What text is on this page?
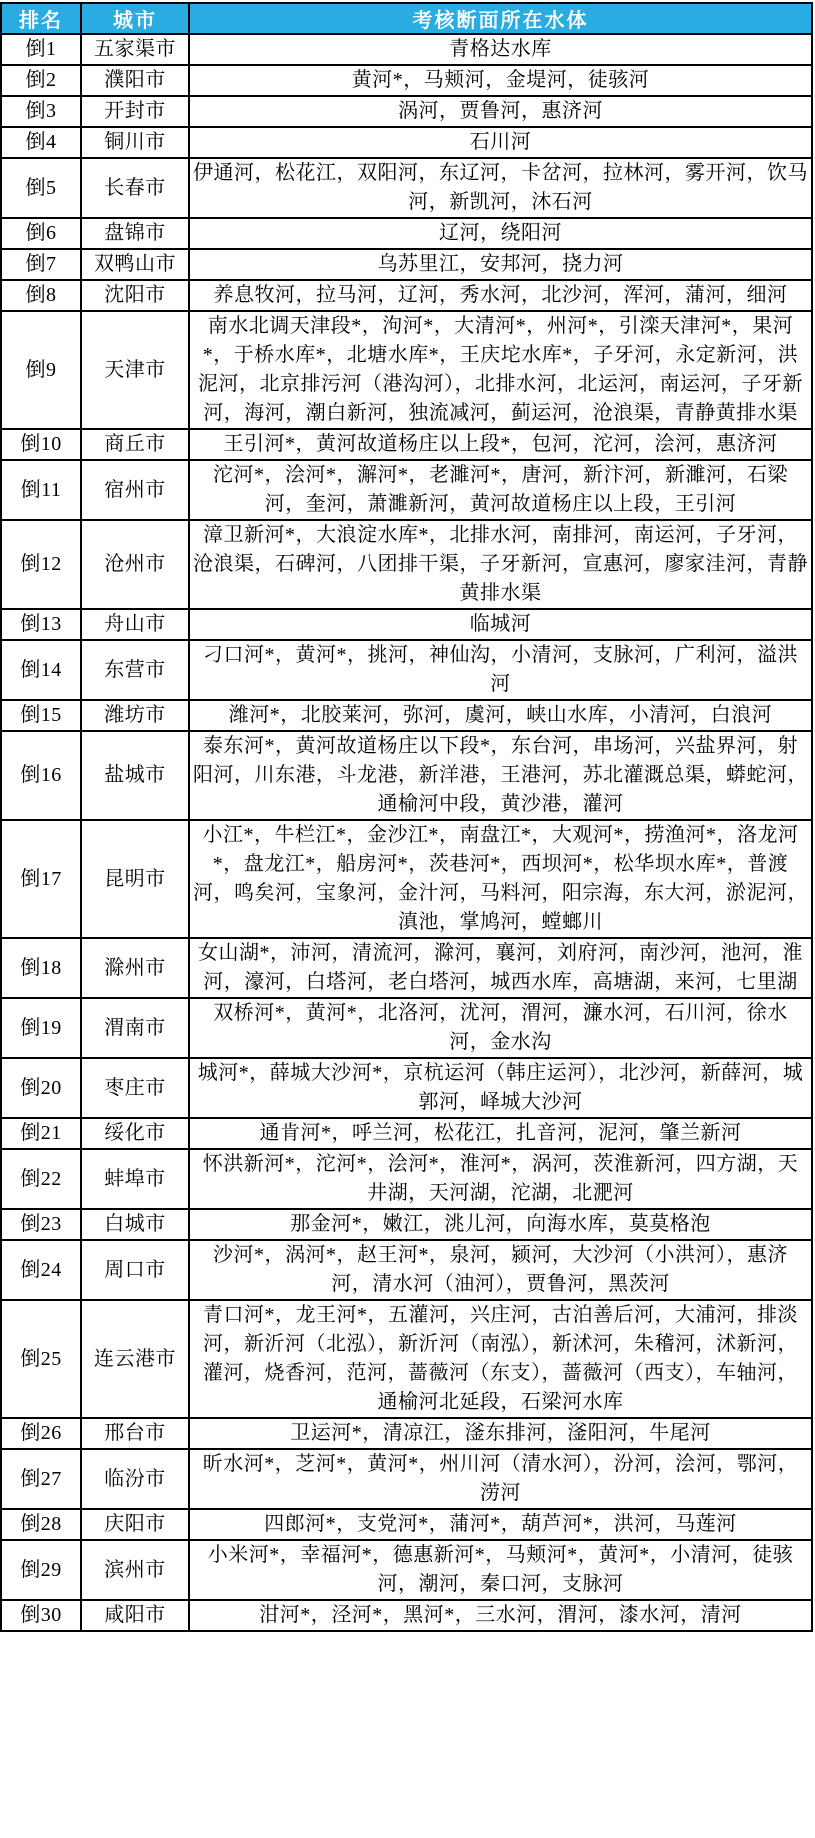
排名	城市	考核断面所在水体
倒1	五家渠市	青格达水库
倒2	濮阳市	黄河*，马颊河，金堤河，徒骇河
倒3	开封市	涡河，贾鲁河，惠济河
倒4	铜川市	石川河
倒5	长春市	伊通河，松花江，双阳河，东辽河，卡岔河，拉林河，雾开河，饮马河，新凯河，沐石河
倒6	盘锦市	辽河，绕阳河
倒7	双鸭山市	乌苏里江，安邦河，挠力河
倒8	沈阳市	养息牧河，拉马河，辽河，秀水河，北沙河，浑河，蒲河，细河
倒9	天津市	南水北调天津段*，泃河*，大清河*，州河*，引滦天津河*，果河*，于桥水库*，北塘水库*，王庆坨水库*，子牙河，永定新河，洪泥河，北京排污河（港沟河），北排水河，北运河，南运河，子牙新河，海河，潮白新河，独流减河，蓟运河，沧浪渠，青静黄排水渠
倒10	商丘市	王引河*，黄河故道杨庄以上段*，包河，沱河，浍河，惠济河
倒11	宿州市	沱河*，浍河*，澥河*，老濉河*，唐河，新汴河，新濉河，石梁河，奎河，萧濉新河，黄河故道杨庄以上段，王引河
倒12	沧州市	漳卫新河*，大浪淀水库*，北排水河，南排河，南运河，子牙河，沧浪渠，石碑河，八团排干渠，子牙新河，宣惠河，廖家洼河，青静黄排水渠
倒13	舟山市	临城河
倒14	东营市	刁口河*，黄河*，挑河，神仙沟，小清河，支脉河，广利河，溢洪河
倒15	潍坊市	潍河*，北胶莱河，弥河，虞河，峡山水库，小清河，白浪河
倒16	盐城市	泰东河*，黄河故道杨庄以下段*，东台河，串场河，兴盐界河，射阳河，川东港，斗龙港，新洋港，王港河，苏北灌溉总渠，蟒蛇河，通榆河中段，黄沙港，灌河
倒17	昆明市	小江*，牛栏江*，金沙江*，南盘江*，大观河*，捞渔河*，洛龙河*，盘龙江*，船房河*，茨巷河*，西坝河*，松华坝水库*，普渡河，鸣矣河，宝象河，金汁河，马料河，阳宗海，东大河，淤泥河，滇池，掌鸠河，螳螂川
倒18	滁州市	女山湖*，沛河，清流河，滁河，襄河，刘府河，南沙河，池河，淮河，濠河，白塔河，老白塔河，城西水库，高塘湖，来河，七里湖
倒19	渭南市	双桥河*，黄河*，北洛河，沋河，渭河，濂水河，石川河，徐水河，金水沟
倒20	枣庄市	城河*，薛城大沙河*，京杭运河（韩庄运河），北沙河，新薛河，城郭河，峄城大沙河
倒21	绥化市	通肯河*，呼兰河，松花江，扎音河，泥河，肇兰新河
倒22	蚌埠市	怀洪新河*，沱河*，浍河*，淮河*，涡河，茨淮新河，四方湖，天井湖，天河湖，沱湖，北淝河
倒23	白城市	那金河*，嫩江，洮儿河，向海水库，莫莫格泡
倒24	周口市	沙河*，涡河*，赵王河*，泉河，颍河，大沙河（小洪河），惠济河，清水河（油河），贾鲁河，黑茨河
倒25	连云港市	青口河*，龙王河*，五灌河，兴庄河，古泊善后河，大浦河，排淡河，新沂河（北泓），新沂河（南泓），新沭河，朱稽河，沭新河，灌河，烧香河，范河，蔷薇河（东支），蔷薇河（西支），车轴河，通榆河北延段，石梁河水库
倒26	邢台市	卫运河*，清凉江，滏东排河，滏阳河，牛尾河
倒27	临汾市	昕水河*，芝河*，黄河*，州川河（清水河），汾河，浍河，鄂河，涝河
倒28	庆阳市	四郎河*，支党河*，蒲河*，葫芦河*，洪河，马莲河
倒29	滨州市	小米河*，幸福河*，德惠新河*，马颊河*，黄河*，小清河，徒骇河，潮河，秦口河，支脉河
倒30	咸阳市	泔河*，泾河*，黑河*，三水河，渭河，漆水河，清河
